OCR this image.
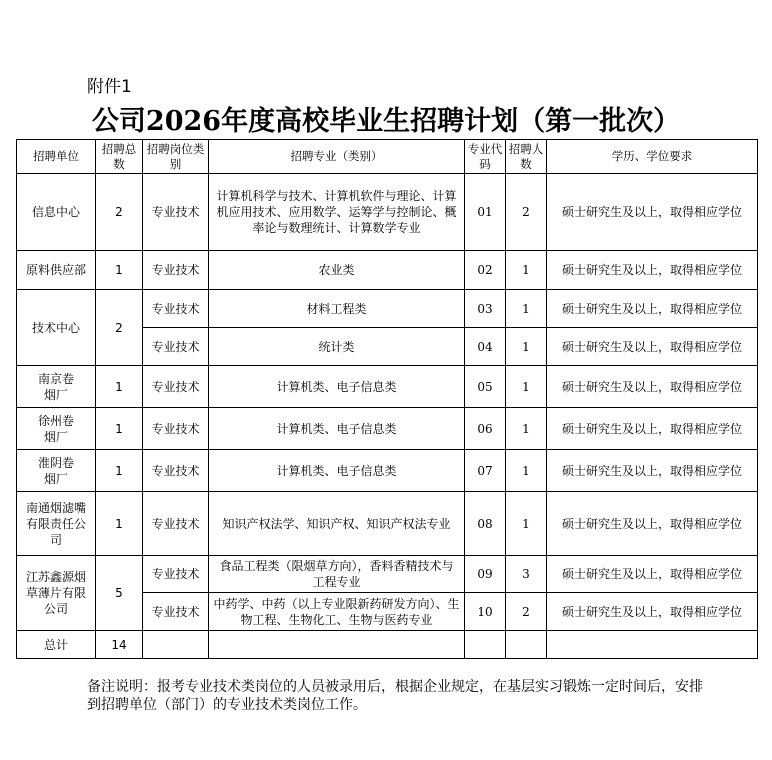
附件1
公司2026年度高校毕业生招聘计划（第一批次）
招聘单位	招聘总数	招聘岗位类别	招聘专业（类别）	专业代码	招聘人数	学历、学位要求
信息中心	2	专业技术	计算机科学与技术、计算机软件与理论、计算机应用技术、应用数学、运筹学与控制论、概率论与数理统计、计算数学专业	01	2	硕士研究生及以上，取得相应学位
原料供应部	1	专业技术	农业类	02	1	硕士研究生及以上，取得相应学位
技术中心	2	专业技术	材料工程类	03	1	硕士研究生及以上，取得相应学位
		专业技术	统计类	04	1	硕士研究生及以上，取得相应学位
南京卷烟厂	1	专业技术	计算机类、电子信息类	05	1	硕士研究生及以上，取得相应学位
徐州卷烟厂	1	专业技术	计算机类、电子信息类	06	1	硕士研究生及以上，取得相应学位
淮阴卷烟厂	1	专业技术	计算机类、电子信息类	07	1	硕士研究生及以上，取得相应学位
南通烟滤嘴有限责任公司	1	专业技术	知识产权法学、知识产权、知识产权法专业	08	1	硕士研究生及以上，取得相应学位
江苏鑫源烟草薄片有限公司	5	专业技术	食品工程类（限烟草方向），香料香精技术与工程专业	09	3	硕士研究生及以上，取得相应学位
		专业技术	中药学、中药（以上专业限新药研发方向）、生物工程、生物化工、生物与医药专业	10	2	硕士研究生及以上，取得相应学位
总计	14					
备注说明：报考专业技术类岗位的人员被录用后，根据企业规定，在基层实习锻炼一定时间后，安排到招聘单位（部门）的专业技术类岗位工作。
